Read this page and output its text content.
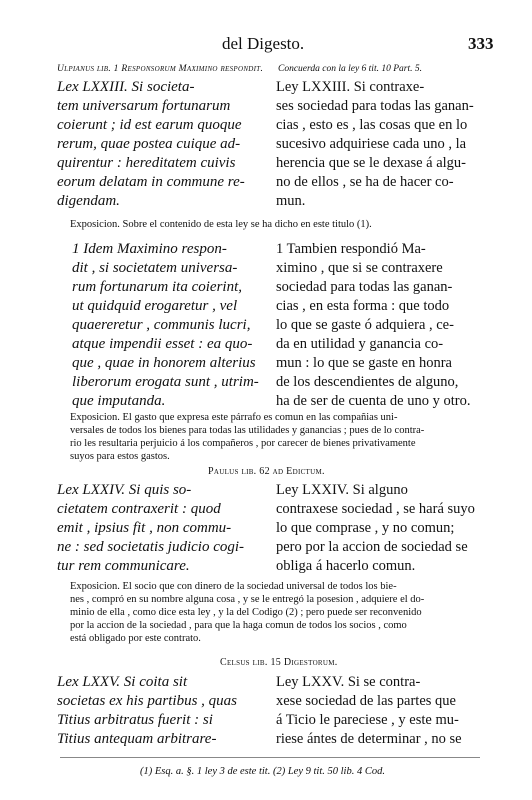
del Digesto.	333
Ulpianus lib. 1 Responsorum Maximino respondit. Concuerda con la ley 6 tit. 10 Part. 5.
Lex LXXIII. Si societa-
tem universarum fortunarum
coierunt ; id est earum quoque
rerum, quae postea cuique ad-
quirentur : hereditatem cuivis
eorum delatam in commune re-
digendam.
Ley LXXIII. Si contraxe-
ses sociedad para todas las ganan-
cias , esto es , las cosas que en lo
sucesivo adquiriese cada uno , la
herencia que se le dexase á algu-
no de ellos , se ha de hacer co-
mun.
Exposicion. Sobre el contenido de esta ley se ha dicho en este titulo (1).
1 Idem Maximino respon-
dit , si societatem universa-
rum fortunarum ita coierint,
ut quidquid erogaretur , vel
quaereretur , communis lucri,
atque impendii esset : ea quo-
que , quae in honorem alterius
liberorum erogata sunt , utrim-
que imputanda.
1 Tambien respondió Ma-
ximino , que si se contraxere
sociedad para todas las ganan-
cias , en esta forma : que todo
lo que se gaste ó adquiera , ce-
da en utilidad y ganancia co-
mun : lo que se gaste en honra
de los descendientes de alguno,
ha de ser de cuenta de uno y otro.
Exposicion. El gasto que expresa este párrafo es comun en las compañias uni-
versales de todos los bienes para todas las utilidades y ganancias ; pues de lo contra-
rio les resultaria perjuicio á los compañeros , por carecer de bienes privativamente
suyos para estos gastos.
Paulus lib. 62 ad Edictum.
Lex LXXIV. Si quis so-
cietatem contraxerit : quod
emit , ipsius fit , non commu-
ne : sed societatis judicio cogi-
tur rem communicare.
Ley LXXIV. Si alguno
contraxese sociedad , se hará suyo
lo que comprase , y no comun;
pero por la accion de sociedad se
obliga á hacerlo comun.
Exposicion. El socio que con dinero de la sociedad universal de todos los bie-
nes , compró en su nombre alguna cosa , y se le entregó la posesion , adquiere el do-
minio de ella , como dice esta ley , y la del Codigo (2) ; pero puede ser reconvenido
por la accion de la sociedad , para que la haga comun de todos los socios , como
está obligado por este contrato.
Celsus lib. 15 Digestorum.
Lex LXXV. Si coita sit
societas ex his partibus , quas
Titius arbitratus fuerit : si
Titius antequam arbitrare-
Ley LXXV. Si se contra-
xese sociedad de las partes que
á Ticio le pareciese , y este mu-
riese ántes de determinar , no se
(1) Esq. a. §. 1 ley 3 de este tit. (2) Ley 9 tit. 50 lib. 4 Cod.
